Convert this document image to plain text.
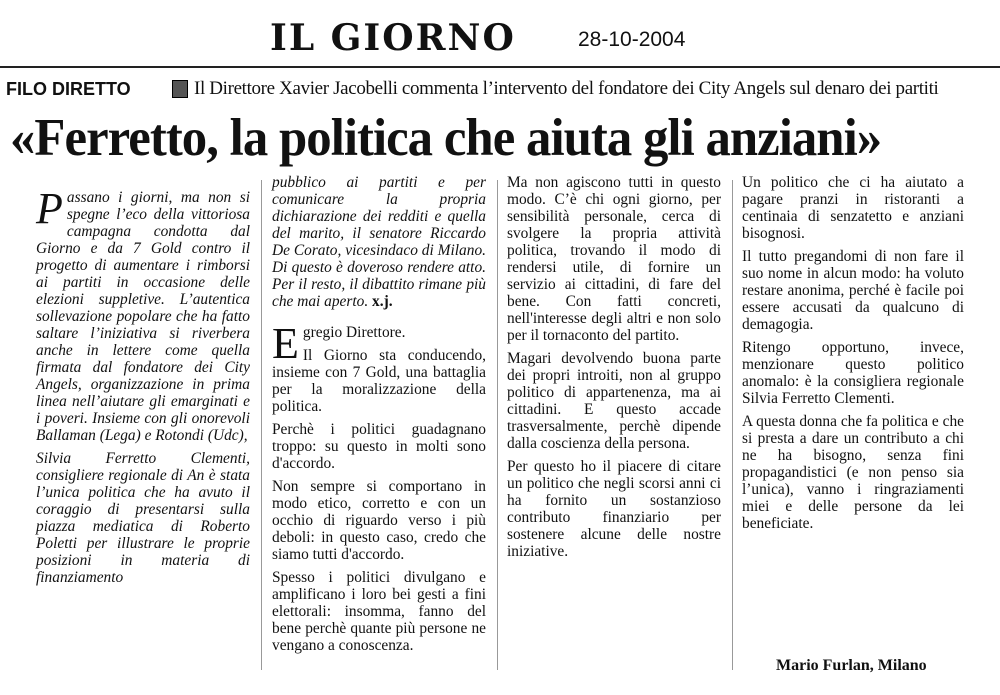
IL GIORNO	28-10-2004
FILO DIRETTO	Il Direttore Xavier Jacobelli commenta l’intervento del fondatore dei City Angels sul denaro dei partiti
«Ferretto, la politica che aiuta gli anziani»

Passano i giorni, ma non si spegne l’eco della vittoriosa campagna condotta dal Giorno e da 7 Gold contro il progetto di aumentare i rimborsi ai partiti in occasione delle elezioni suppletive. L’autentica sollevazione popolare che ha fatto saltare l’iniziativa si riverbera anche in lettere come quella firmata dal fondatore dei City Angels, organizzazione in prima linea nell’aiutare gli emarginati e i poveri. Insieme con gli onorevoli Ballaman (Lega) e Rotondi (Udc),

Silvia Ferretto Clementi, consigliere regionale di An è stata l’unica politica che ha avuto il coraggio di presentarsi sulla piazza mediatica di Roberto Poletti per illustrare le proprie posizioni in materia di finanziamento

pubblico ai partiti e per comunicare la propria dichiarazione dei redditi e quella del marito, il senatore Riccardo De Corato, vicesindaco di Milano. Di questo è doveroso rendere atto. Per il resto, il dibattito rimane più che mai aperto. x.j.

Egregio Direttore.

Il Giorno sta conducendo, insieme con 7 Gold, una battaglia per la moralizzazione della politica.

Perchè i politici guadagnano troppo: su questo in molti sono d'accordo.

Non sempre si comportano in modo etico, corretto e con un occhio di riguardo verso i più deboli: in questo caso, credo che siamo tutti d'accordo.

Spesso i politici divulgano e amplificano i loro bei gesti a fini elettorali: insomma, fanno del bene perchè quante più persone ne vengano a conoscenza.

Ma non agiscono tutti in questo modo. C’è chi ogni giorno, per sensibilità personale, cerca di svolgere la propria attività politica, trovando il modo di rendersi utile, di fornire un servizio ai cittadini, di fare del bene. Con fatti concreti, nell'interesse degli altri e non solo per il tornaconto del partito.

Magari devolvendo buona parte dei propri introiti, non al gruppo politico di appartenenza, ma ai cittadini. E questo accade trasversalmente, perchè dipende dalla coscienza della persona.

Per questo ho il piacere di citare un politico che negli scorsi anni ci ha fornito un sostanzioso contributo finanziario per sostenere alcune delle nostre iniziative.

Un politico che ci ha aiutato a pagare pranzi in ristoranti a centinaia di senzatetto e anziani bisognosi.

Il tutto pregandomi di non fare il suo nome in alcun modo: ha voluto restare anonima, perché è facile poi essere accusati da qualcuno di demagogia.

Ritengo opportuno, invece, menzionare questo politico anomalo: è la consigliera regionale Silvia Ferretto Clementi.

A questa donna che fa politica e che si presta a dare un contributo a chi ne ha bisogno, senza fini propagandistici (e non penso sia l’unica), vanno i ringraziamenti miei e delle persone da lei beneficiate.

Mario Furlan, Milano
